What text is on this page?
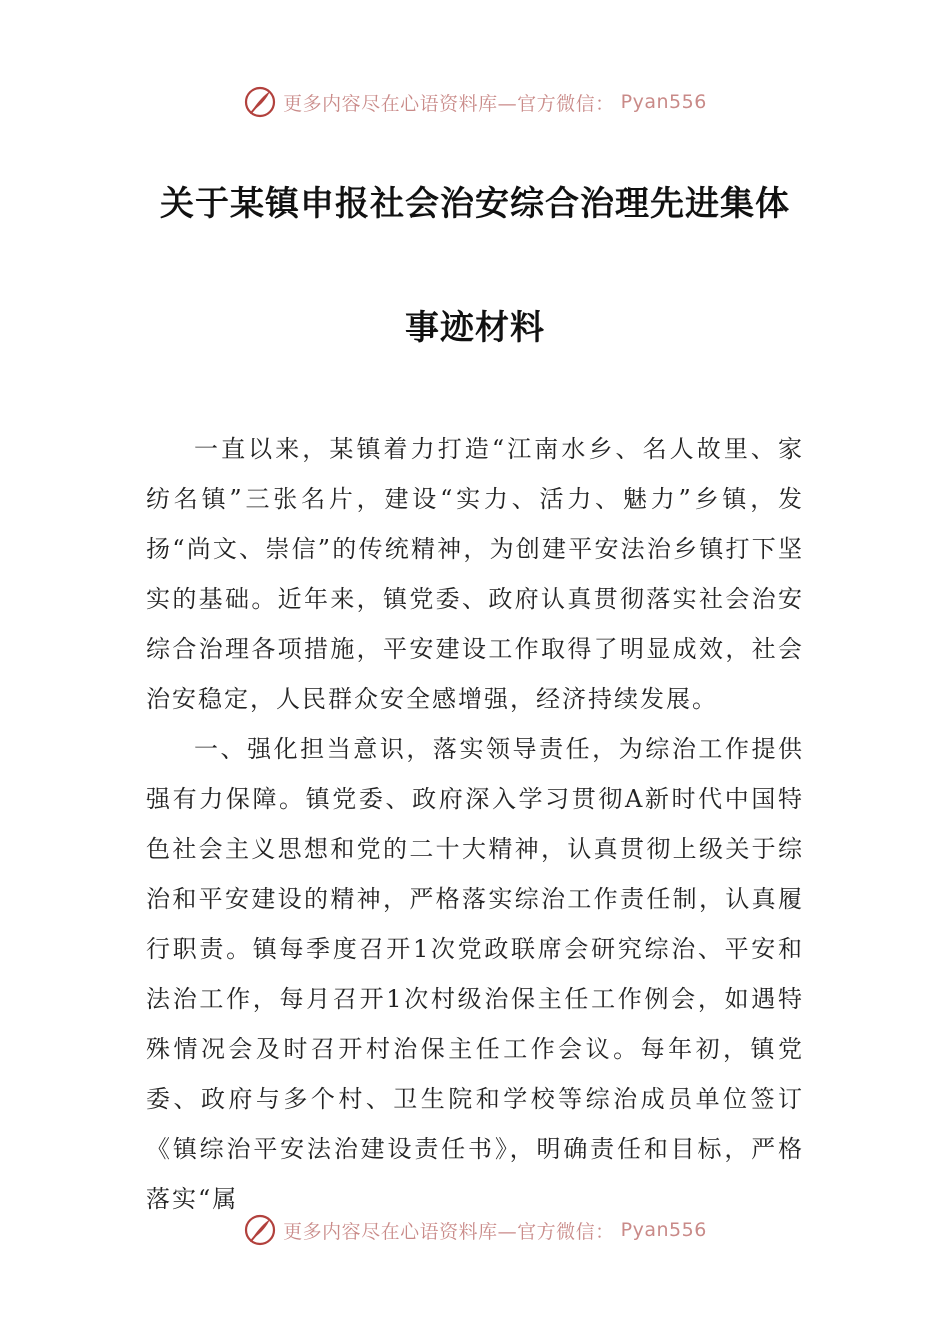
更多内容尽在心语资料库—官方微信： Pyan556
关于某镇申报社会治安综合治理先进集体
事迹材料

一直以来，某镇着力打造“江南水乡、名人故里、家纺名镇”三张名片，建设“实力、活力、魅力”乡镇，发扬“尚文、崇信”的传统精神，为创建平安法治乡镇打下坚实的基础。近年来，镇党委、政府认真贯彻落实社会治安综合治理各项措施，平安建设工作取得了明显成效，社会治安稳定，人民群众安全感增强，经济持续发展。

一、强化担当意识，落实领导责任，为综治工作提供强有力保障。镇党委、政府深入学习贯彻A新时代中国特色社会主义思想和党的二十大精神，认真贯彻上级关于综治和平安建设的精神，严格落实综治工作责任制，认真履行职责。镇每季度召开1次党政联席会研究综治、平安和法治工作，每月召开1次村级治保主任工作例会，如遇特殊情况会及时召开村治保主任工作会议。每年初，镇党委、政府与多个村、卫生院和学校等综治成员单位签订《镇综治平安法治建设责任书》，明确责任和目标，严格落实“属

更多内容尽在心语资料库—官方微信： Pyan556
